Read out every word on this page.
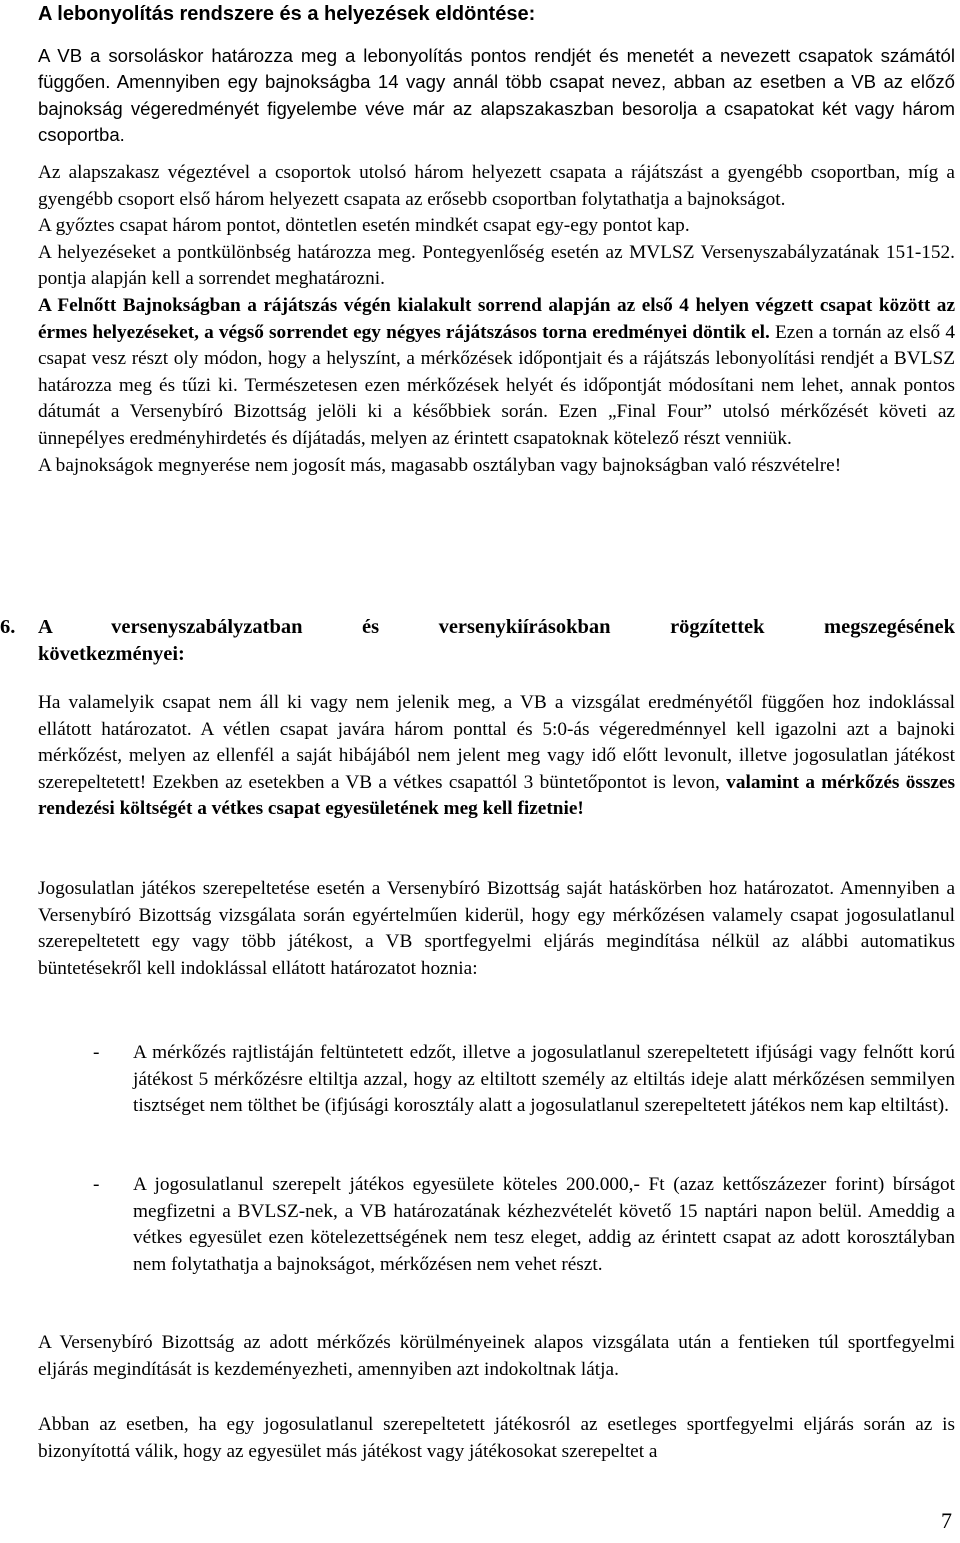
A lebonyolítás rendszere és a helyezések eldöntése:

A VB a sorsoláskor határozza meg a lebonyolítás pontos rendjét és menetét a nevezett csapatok számától függően. Amennyiben egy bajnokságba 14 vagy annál több csapat nevez, abban az esetben a VB az előző bajnokság végeredményét figyelembe véve már az alapszakaszban besorolja a csapatokat két vagy három csoportba.

Az alapszakasz végeztével a csoportok utolsó három helyezett csapata a rájátszást a gyengébb csoportban, míg a gyengébb csoport első három helyezett csapata az erősebb csoportban folytathatja a bajnokságot.

A győztes csapat három pontot, döntetlen esetén mindkét csapat egy-egy pontot kap.

A helyezéseket a pontkülönbség határozza meg. Pontegyenlőség esetén az MVLSZ Versenyszabályzatának 151-152. pontja alapján kell a sorrendet meghatározni.

A Felnőtt Bajnokságban a rájátszás végén kialakult sorrend alapján az első 4 helyen végzett csapat között az érmes helyezéseket, a végső sorrendet egy négyes rájátszásos torna eredményei döntik el. Ezen a tornán az első 4 csapat vesz részt oly módon, hogy a helyszínt, a mérkőzések időpontjait és a rájátszás lebonyolítási rendjét a BVLSZ határozza meg és tűzi ki. Természetesen ezen mérkőzések helyét és időpontját módosítani nem lehet, annak pontos dátumát a Versenybíró Bizottság jelöli ki a későbbiek során. Ezen „Final Four” utolsó mérkőzését követi az ünnepélyes eredményhirdetés és díjátadás, melyen az érintett csapatoknak kötelező részt venniük.

A bajnokságok megnyerése nem jogosít más, magasabb osztályban vagy bajnokságban való részvételre!

6. A versenyszabályzatban és versenykiírásokban rögzítettek megszegésének
következményei:

Ha valamelyik csapat nem áll ki vagy nem jelenik meg, a VB a vizsgálat eredményétől függően hoz indoklással ellátott határozatot. A vétlen csapat javára három ponttal és 5:0-ás végeredménnyel kell igazolni azt a bajnoki mérkőzést, melyen az ellenfél a saját hibájából nem jelent meg vagy idő előtt levonult, illetve jogosulatlan játékost szerepeltetett! Ezekben az esetekben a VB a vétkes csapattól 3 büntetőpontot is levon, valamint a mérkőzés összes rendezési költségét a vétkes csapat egyesületének meg kell fizetnie!

Jogosulatlan játékos szerepeltetése esetén a Versenybíró Bizottság saját hatáskörben hoz határozatot. Amennyiben a Versenybíró Bizottság vizsgálata során egyértelműen kiderül, hogy egy mérkőzésen valamely csapat jogosulatlanul szerepeltetett egy vagy több játékost, a VB sportfegyelmi eljárás megindítása nélkül az alábbi automatikus büntetésekről kell indoklással ellátott határozatot hoznia:

- A mérkőzés rajtlistáján feltüntetett edzőt, illetve a jogosulatlanul szerepeltetett ifjúsági vagy felnőtt korú játékost 5 mérkőzésre eltiltja azzal, hogy az eltiltott személy az eltiltás ideje alatt mérkőzésen semmilyen tisztséget nem tölthet be (ifjúsági korosztály alatt a jogosulatlanul szerepeltetett játékos nem kap eltiltást).
- A jogosulatlanul szerepelt játékos egyesülete köteles 200.000,- Ft (azaz kettőszázezer forint) bírságot megfizetni a BVLSZ-nek, a VB határozatának kézhezvételét követő 15 naptári napon belül. Ameddig a vétkes egyesület ezen kötelezettségének nem tesz eleget, addig az érintett csapat az adott korosztályban nem folytathatja a bajnokságot, mérkőzésen nem vehet részt.

A Versenybíró Bizottság az adott mérkőzés körülményeinek alapos vizsgálata után a fentieken túl sportfegyelmi eljárás megindítását is kezdeményezheti, amennyiben azt indokoltnak látja.

Abban az esetben, ha egy jogosulatlanul szerepeltetett játékosról az esetleges sportfegyelmi eljárás során az is bizonyítottá válik, hogy az egyesület más játékost vagy játékosokat szerepeltet a

7
